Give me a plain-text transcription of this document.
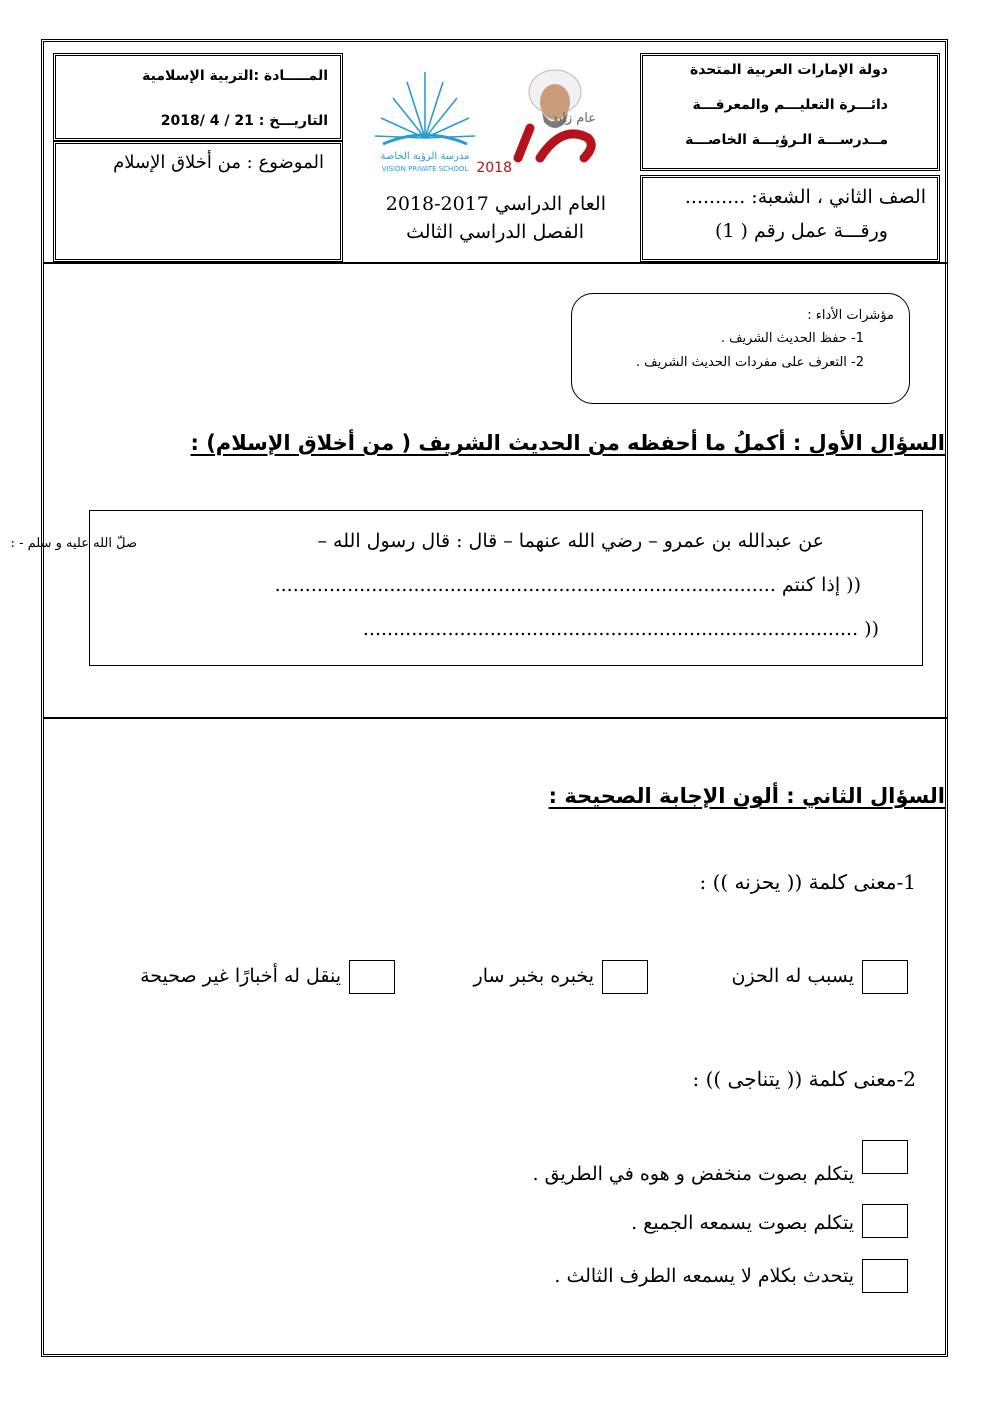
دولة الإمارات العربية المتحدة
دائـــرة التعليـــم والمعرفـــة
مــدرســـة الـرؤيـــة الخاصـــة
الصف الثاني ، الشعبة: ..........
ورقـــة عمل رقم ( 1)
المـــــادة :التربية الإسلامية
التاريـــخ : 21 / 4 /2018
الموضوع : من أخلاق الإسلام	مدرسة الرؤية الخاصة
VISION PRIVATE SCHOOL
عام زايد
2018
العام الدراسي 2017-2018
الفصل الدراسي الثالث
مؤشرات الأداء :
1- حفظ الحديث الشريف .
2- التعرف على مفردات الحديث الشريف .
السؤال الأول : أكملُ ما أحفظه من الحديث الشريف ( من أخلاق الإسلام) :
عن عبدالله بن عمرو – رضي الله عنهما – قال : قال رسول الله –
صلّ الله عليه و سلم - :
(( إذا كنتم ...................................................................................
(( ..................................................................................
السؤال الثاني : ألون الإجابة الصحيحة :
1-معنى كلمة (( يحزنه )) :
يسبب له الحزن
يخبره بخبر سار
ينقل له أخبارًا غير صحيحة
2-معنى كلمة (( يتناجى )) :
يتكلم بصوت منخفض و هوه في الطريق .
يتكلم بصوت يسمعه الجميع .
يتحدث بكلام لا يسمعه الطرف الثالث .
